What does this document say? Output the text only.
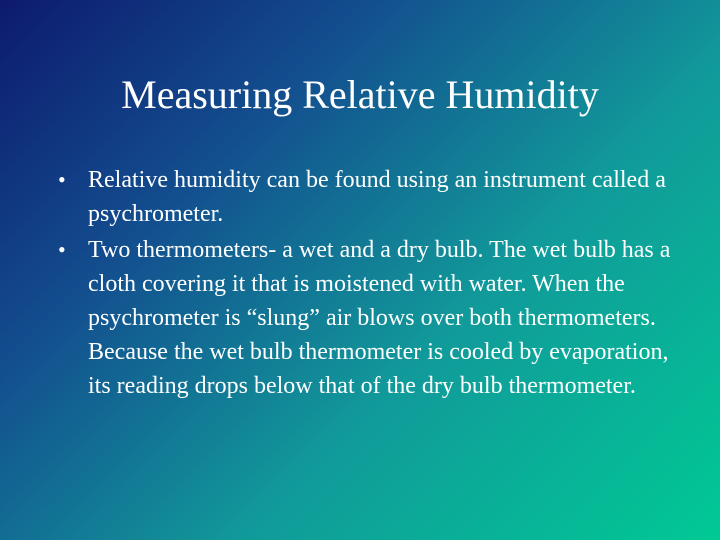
Measuring Relative Humidity
• Relative humidity can be found using an instrument called a psychrometer.
• Two thermometers- a wet and a dry bulb. The wet bulb has a cloth covering it that is moistened with water. When the psychrometer is “slung” air blows over both thermometers. Because the wet bulb thermometer is cooled by evaporation, its reading drops below that of the dry bulb thermometer.
